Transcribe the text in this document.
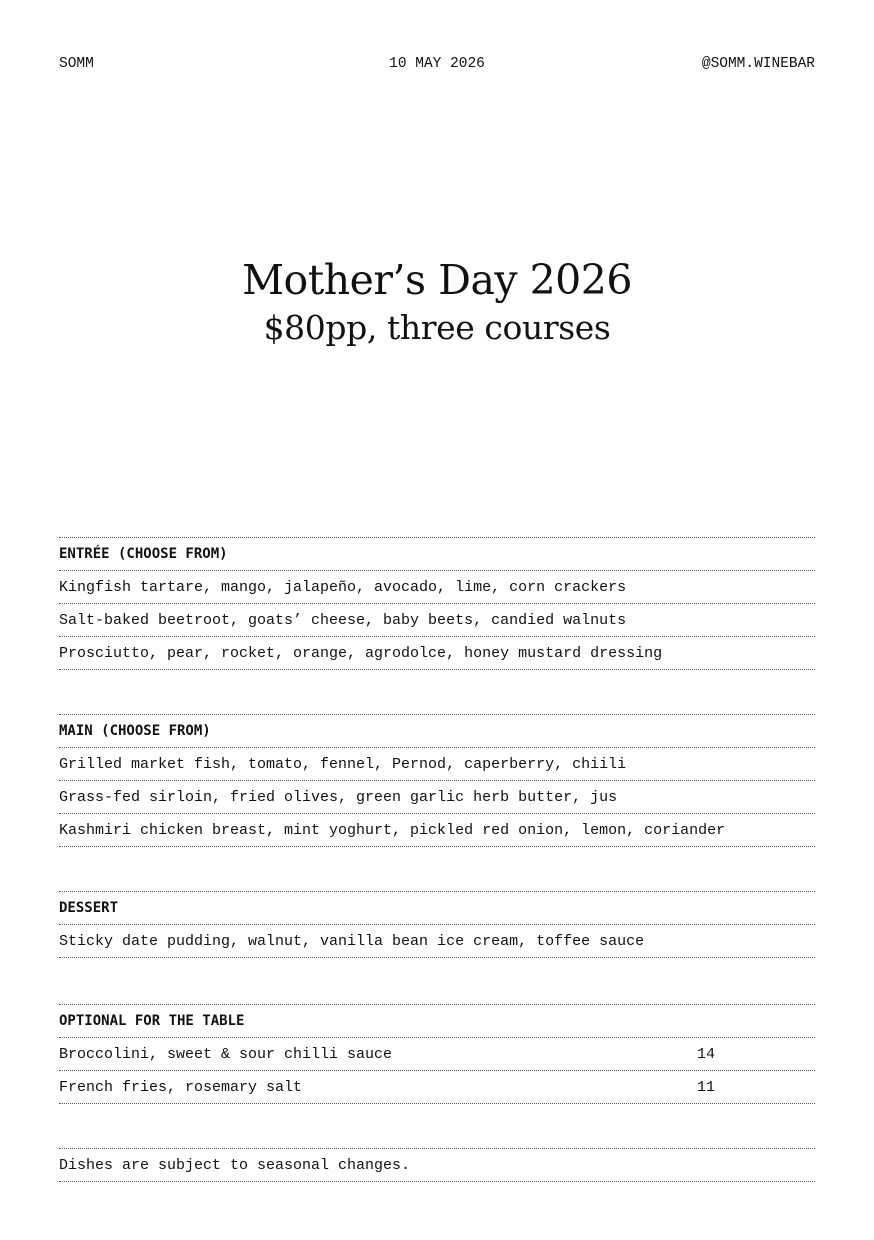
SOMM	10 MAY 2026	@SOMM.WINEBAR
Mother’s Day 2026
$80pp, three courses
ENTRÉE (CHOOSE FROM)
Kingfish tartare, mango, jalapeño, avocado, lime, corn crackers
Salt-baked beetroot, goats’ cheese, baby beets, candied walnuts
Prosciutto, pear, rocket, orange, agrodolce, honey mustard dressing
MAIN (CHOOSE FROM)
Grilled market fish, tomato, fennel, Pernod, caperberry, chiili
Grass-fed sirloin, fried olives, green garlic herb butter, jus
Kashmiri chicken breast, mint yoghurt, pickled red onion, lemon, coriander
DESSERT
Sticky date pudding, walnut, vanilla bean ice cream, toffee sauce
OPTIONAL FOR THE TABLE
Broccolini, sweet & sour chilli sauce	14
French fries, rosemary salt	11
Dishes are subject to seasonal changes.
